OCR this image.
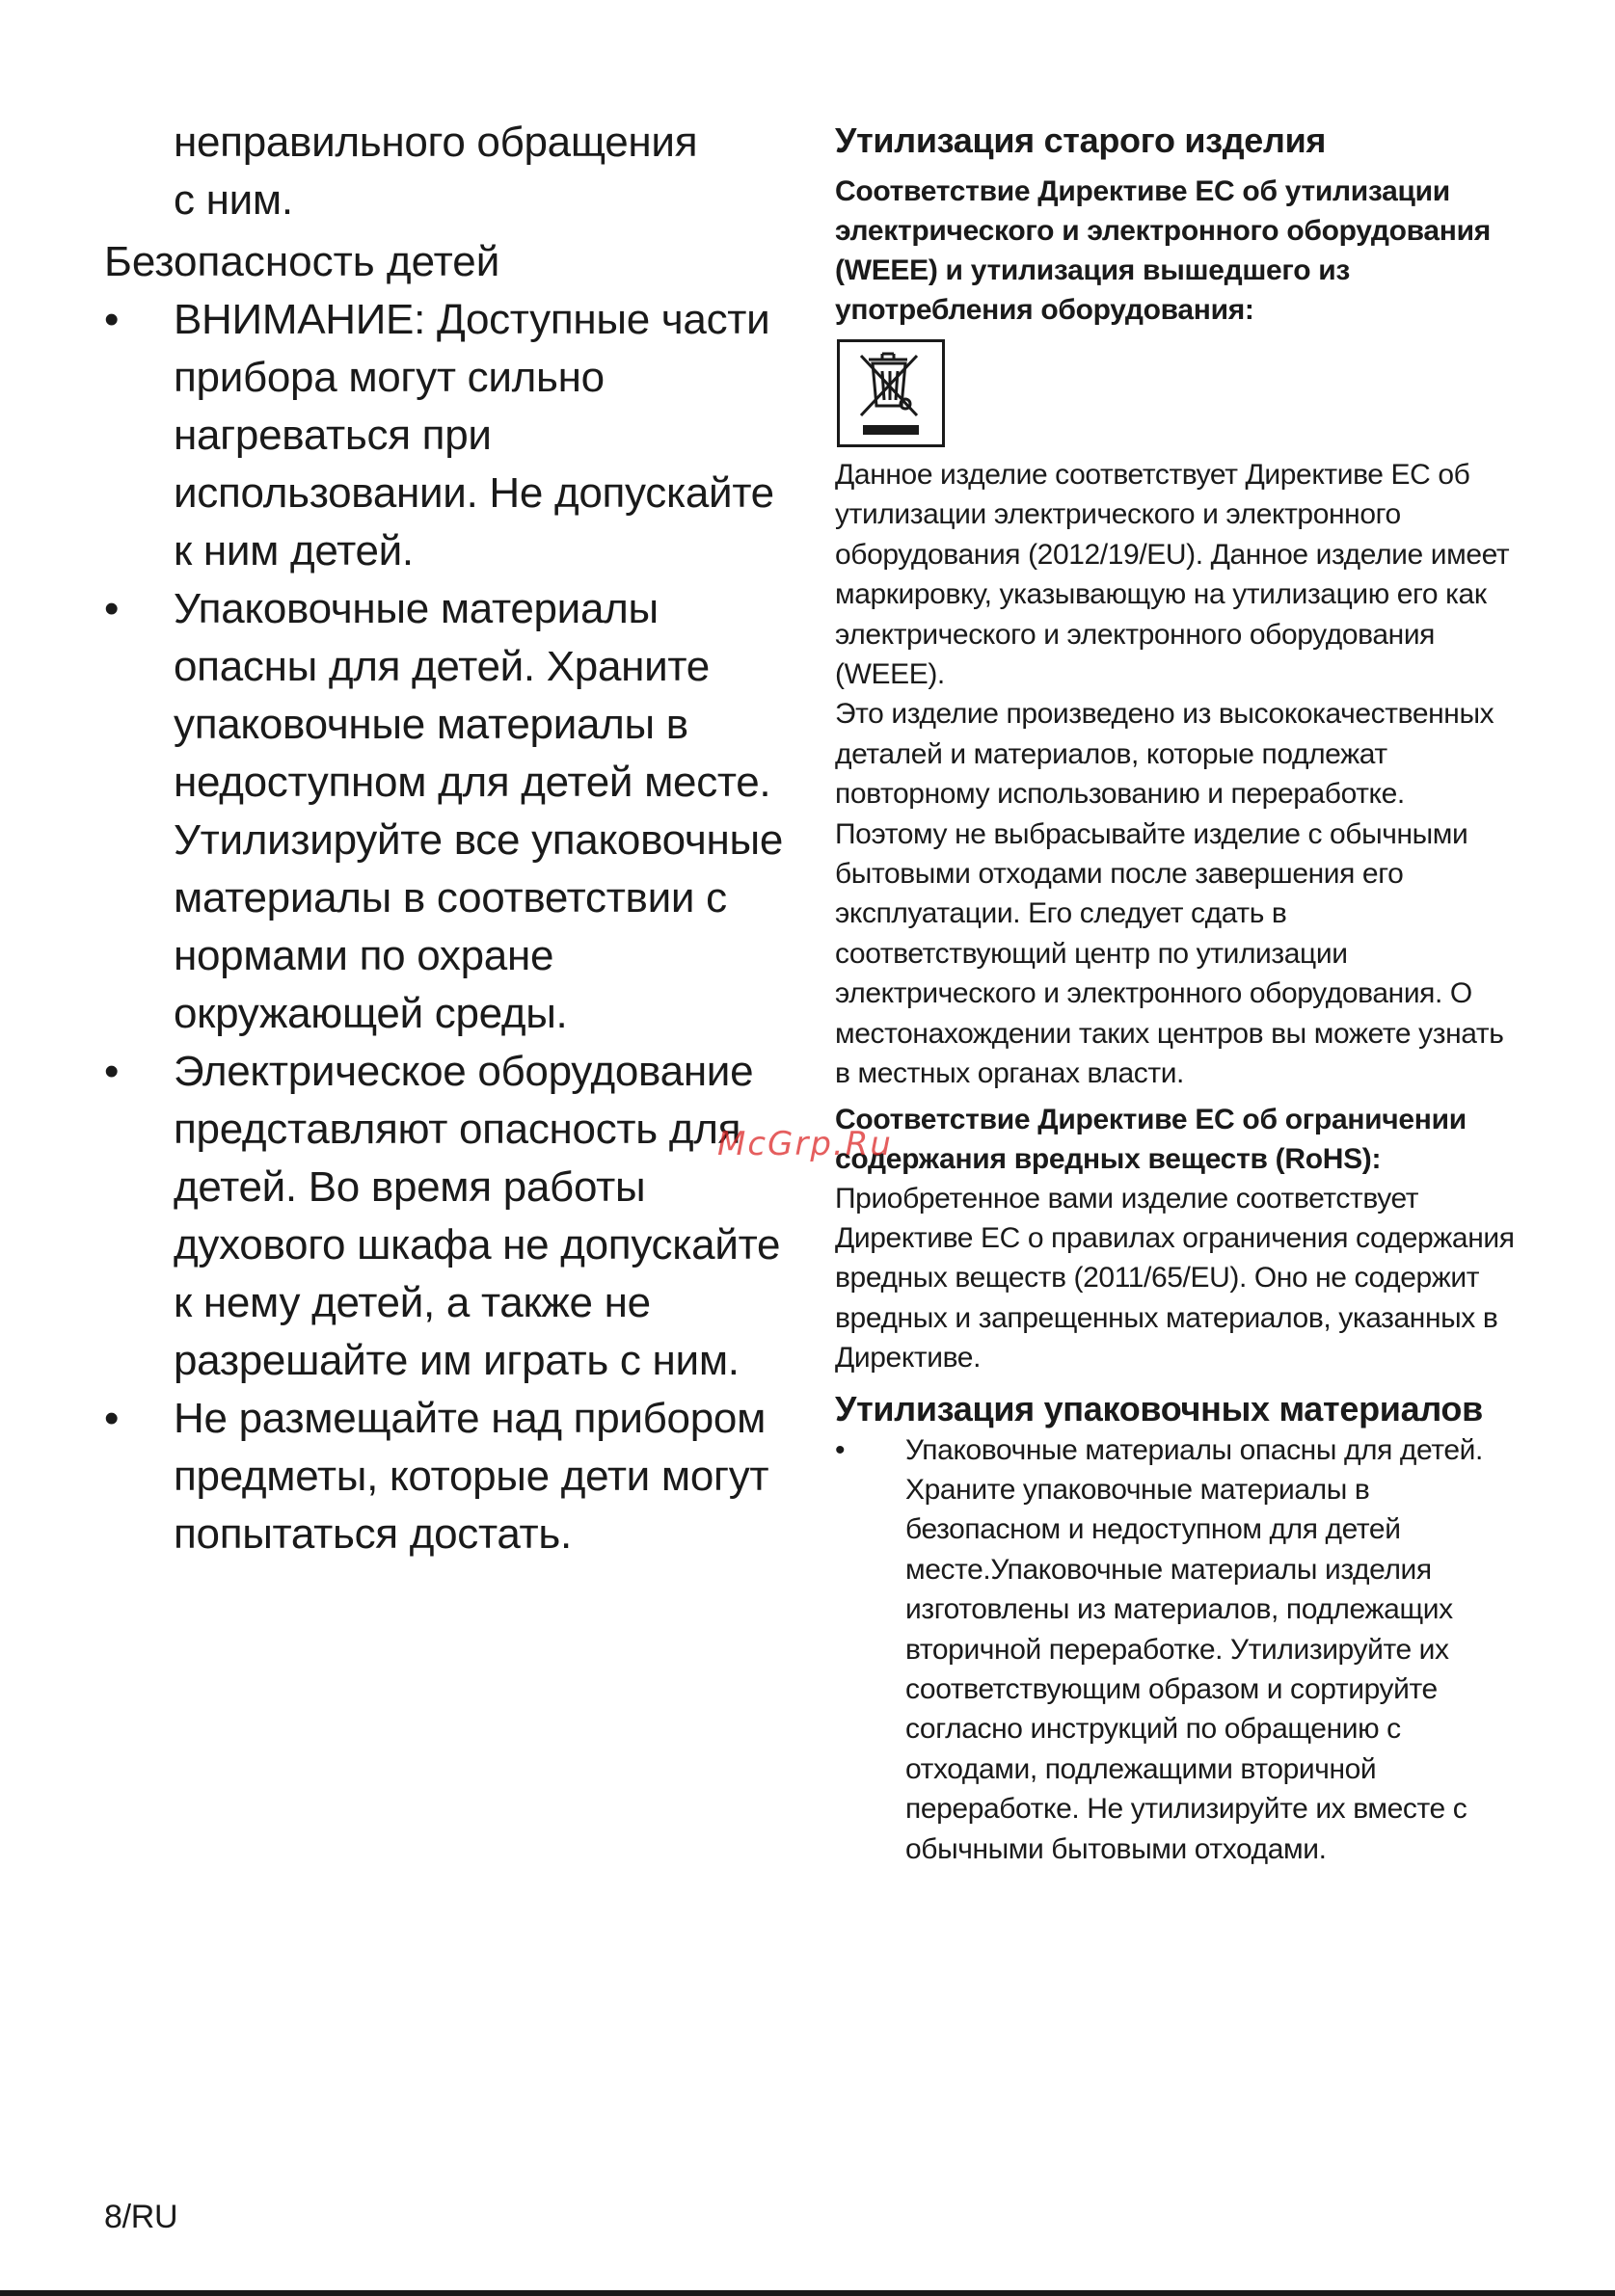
неправильного обращения с ним.

Безопасность детей
•	ВНИМАНИЕ: Доступные части прибора могут сильно нагреваться при использовании. Не допускайте к ним детей.
•	Упаковочные материалы опасны для детей. Храните упаковочные материалы в недоступном для детей месте. Утилизируйте все упаковочные материалы в соответствии с нормами по охране окружающей среды.
•	Электрическое оборудование представляют опасность для детей. Во время работы духового шкафа не допускайте к нему детей, а также не разрешайте им играть с ним.
•	Не размещайте над прибором предметы, которые дети могут попытаться достать.
Утилизация старого изделия

Соответствие Директиве ЕС об утилизации электрического и электронного оборудования (WEEE) и утилизация вышедшего из употребления оборудования:

Данное изделие соответствует Директиве ЕС об утилизации электрического и электронного оборудования (2012/19/EU). Данное изделие имеет маркировку, указывающую на утилизацию его как электрического и электронного оборудования (WEEE).

Это изделие произведено из высококачественных деталей и материалов, которые подлежат повторному использованию и переработке. Поэтому не выбрасывайте изделие с обычными бытовыми отходами после завершения его эксплуатации. Его следует сдать в соответствующий центр по утилизации электрического и электронного оборудования. О местонахождении таких центров вы можете узнать в местных органах власти.

Соответствие Директиве ЕС об ограничении содержания вредных веществ (RoHS):

Приобретенное вами изделие соответствует Директиве ЕС о правилах ограничения содержания вредных веществ (2011/65/EU). Оно не содержит вредных и запрещенных материалов, указанных в Директиве.

Утилизация упаковочных материалов
• Упаковочные материалы опасны для детей. Храните упаковочные материалы в безопасном и недоступном для детей месте.Упаковочные материалы изделия изготовлены из материалов, подлежащих вторичной переработке. Утилизируйте их соответствующим образом и сортируйте согласно инструкций по обращению с отходами, подлежащими вторичной переработке. Не утилизируйте их вместе с обычными бытовыми отходами.
McGrp.Ru
8/RU
